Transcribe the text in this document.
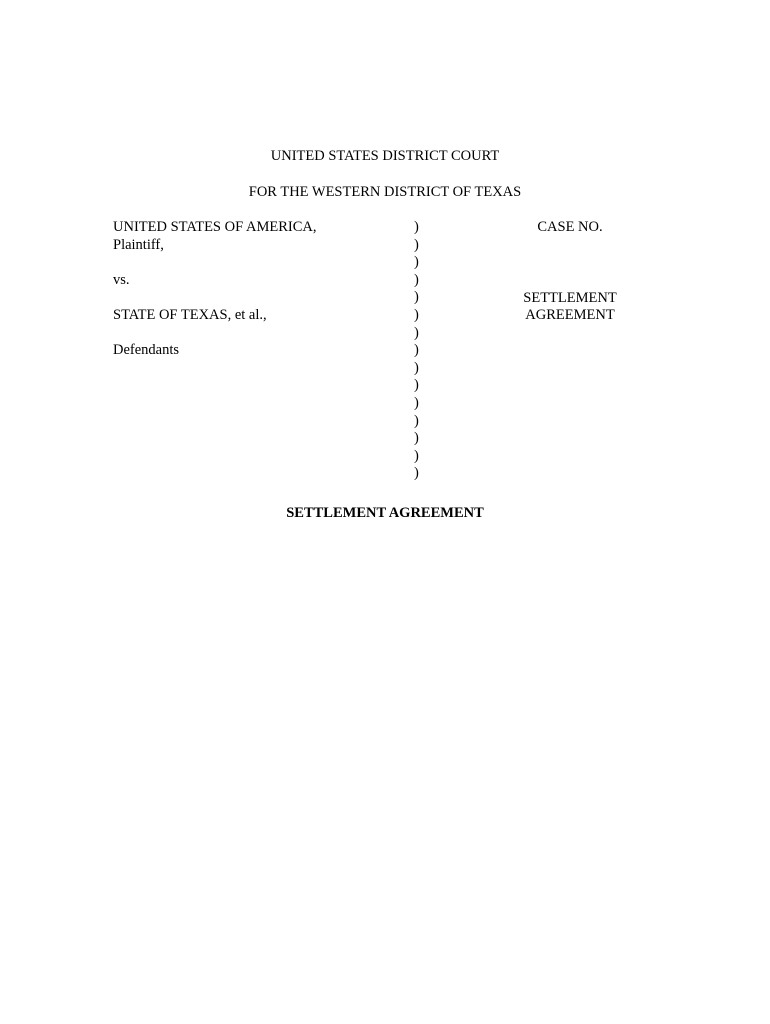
UNITED STATES DISTRICT COURT
FOR THE WESTERN DISTRICT OF TEXAS
UNITED STATES OF AMERICA,
Plaintiff,
vs.
STATE OF TEXAS, et al.,
Defendants
)
)
)
)
)
)
)
)
)
)
)
)
)
)
)
CASE NO.
SETTLEMENT
AGREEMENT
SETTLEMENT AGREEMENT
